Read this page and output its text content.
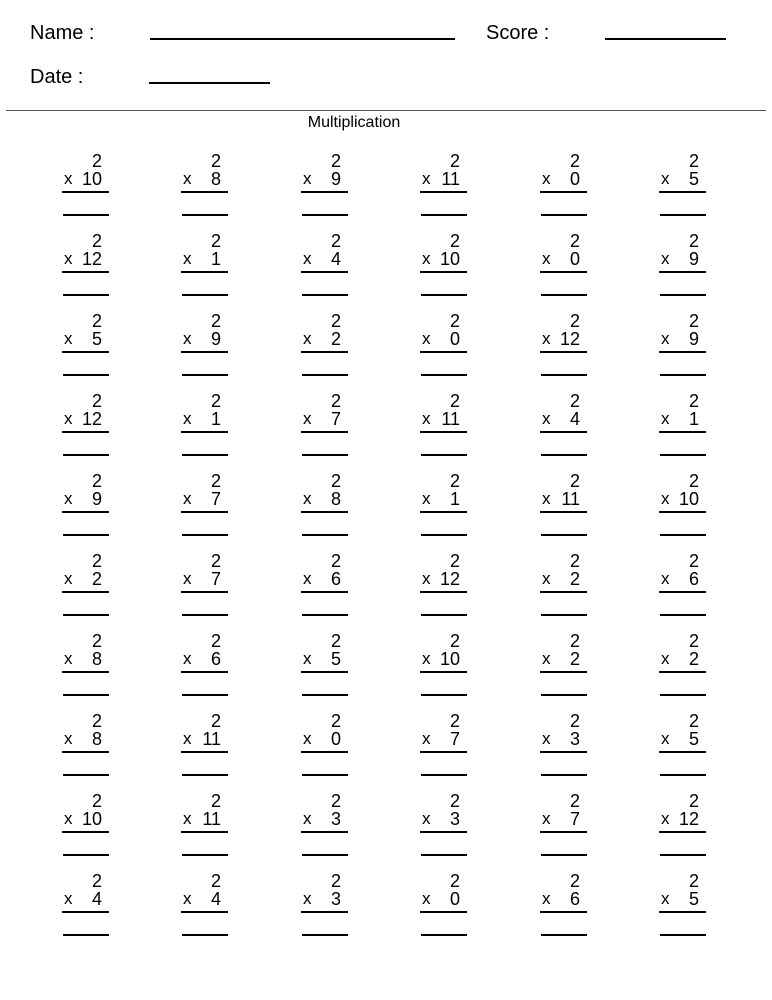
Name :	Score :
Date :
Multiplication
2
x 10
2
x 8
2
x 9
2
x 11
2
x 0
2
x 5
2
x 12
2
x 1
2
x 4
2
x 10
2
x 0
2
x 9
2
x 5
2
x 9
2
x 2
2
x 0
2
x 12
2
x 9
2
x 12
2
x 1
2
x 7
2
x 11
2
x 4
2
x 1
2
x 9
2
x 7
2
x 8
2
x 1
2
x 11
2
x 10
2
x 2
2
x 7
2
x 6
2
x 12
2
x 2
2
x 6
2
x 8
2
x 6
2
x 5
2
x 10
2
x 2
2
x 2
2
x 8
2
x 11
2
x 0
2
x 7
2
x 3
2
x 5
2
x 10
2
x 11
2
x 3
2
x 3
2
x 7
2
x 12
2
x 4
2
x 4
2
x 3
2
x 0
2
x 6
2
x 5
